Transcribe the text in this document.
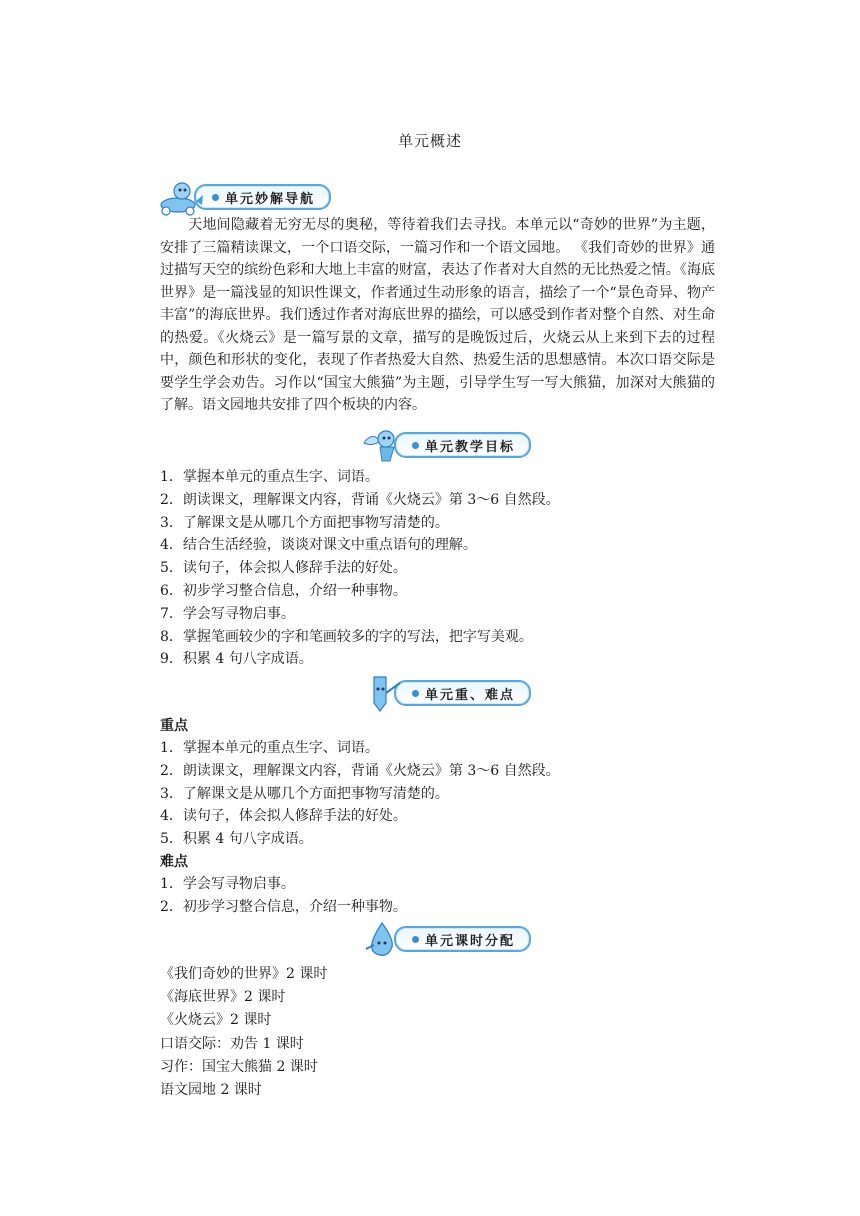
单元概述
单元妙解导航
天地间隐藏着无穷无尽的奥秘，等待着我们去寻找。本单元以“奇妙的世界”为主题，安排了三篇精读课文，一个口语交际，一篇习作和一个语文园地。 《我们奇妙的世界》通过描写天空的缤纷色彩和大地上丰富的财富，表达了作者对大自然的无比热爱之情。《海底世界》是一篇浅显的知识性课文，作者通过生动形象的语言，描绘了一个“景色奇异、物产丰富”的海底世界。我们透过作者对海底世界的描绘，可以感受到作者对整个自然、对生命的热爱。《火烧云》是一篇写景的文章，描写的是晚饭过后，火烧云从上来到下去的过程中，颜色和形状的变化，表现了作者热爱大自然、热爱生活的思想感情。本次口语交际是要学生学会劝告。习作以“国宝大熊猫”为主题，引导学生写一写大熊猫，加深对大熊猫的了解。语文园地共安排了四个板块的内容。
单元教学目标
1．掌握本单元的重点生字、词语。
2．朗读课文，理解课文内容，背诵《火烧云》第 3～6 自然段。
3．了解课文是从哪几个方面把事物写清楚的。
4．结合生活经验，谈谈对课文中重点语句的理解。
5．读句子，体会拟人修辞手法的好处。
6．初步学习整合信息，介绍一种事物。
7．学会写寻物启事。
8．掌握笔画较少的字和笔画较多的字的写法，把字写美观。
9．积累 4 句八字成语。
单元重、难点
重点
1．掌握本单元的重点生字、词语。
2．朗读课文，理解课文内容，背诵《火烧云》第 3～6 自然段。
3．了解课文是从哪几个方面把事物写清楚的。
4．读句子，体会拟人修辞手法的好处。
5．积累 4 句八字成语。
难点
1．学会写寻物启事。
2．初步学习整合信息，介绍一种事物。
单元课时分配
《我们奇妙的世界》2 课时
《海底世界》2 课时
《火烧云》2 课时
口语交际：劝告 1 课时
习作：国宝大熊猫 2 课时
语文园地 2 课时
